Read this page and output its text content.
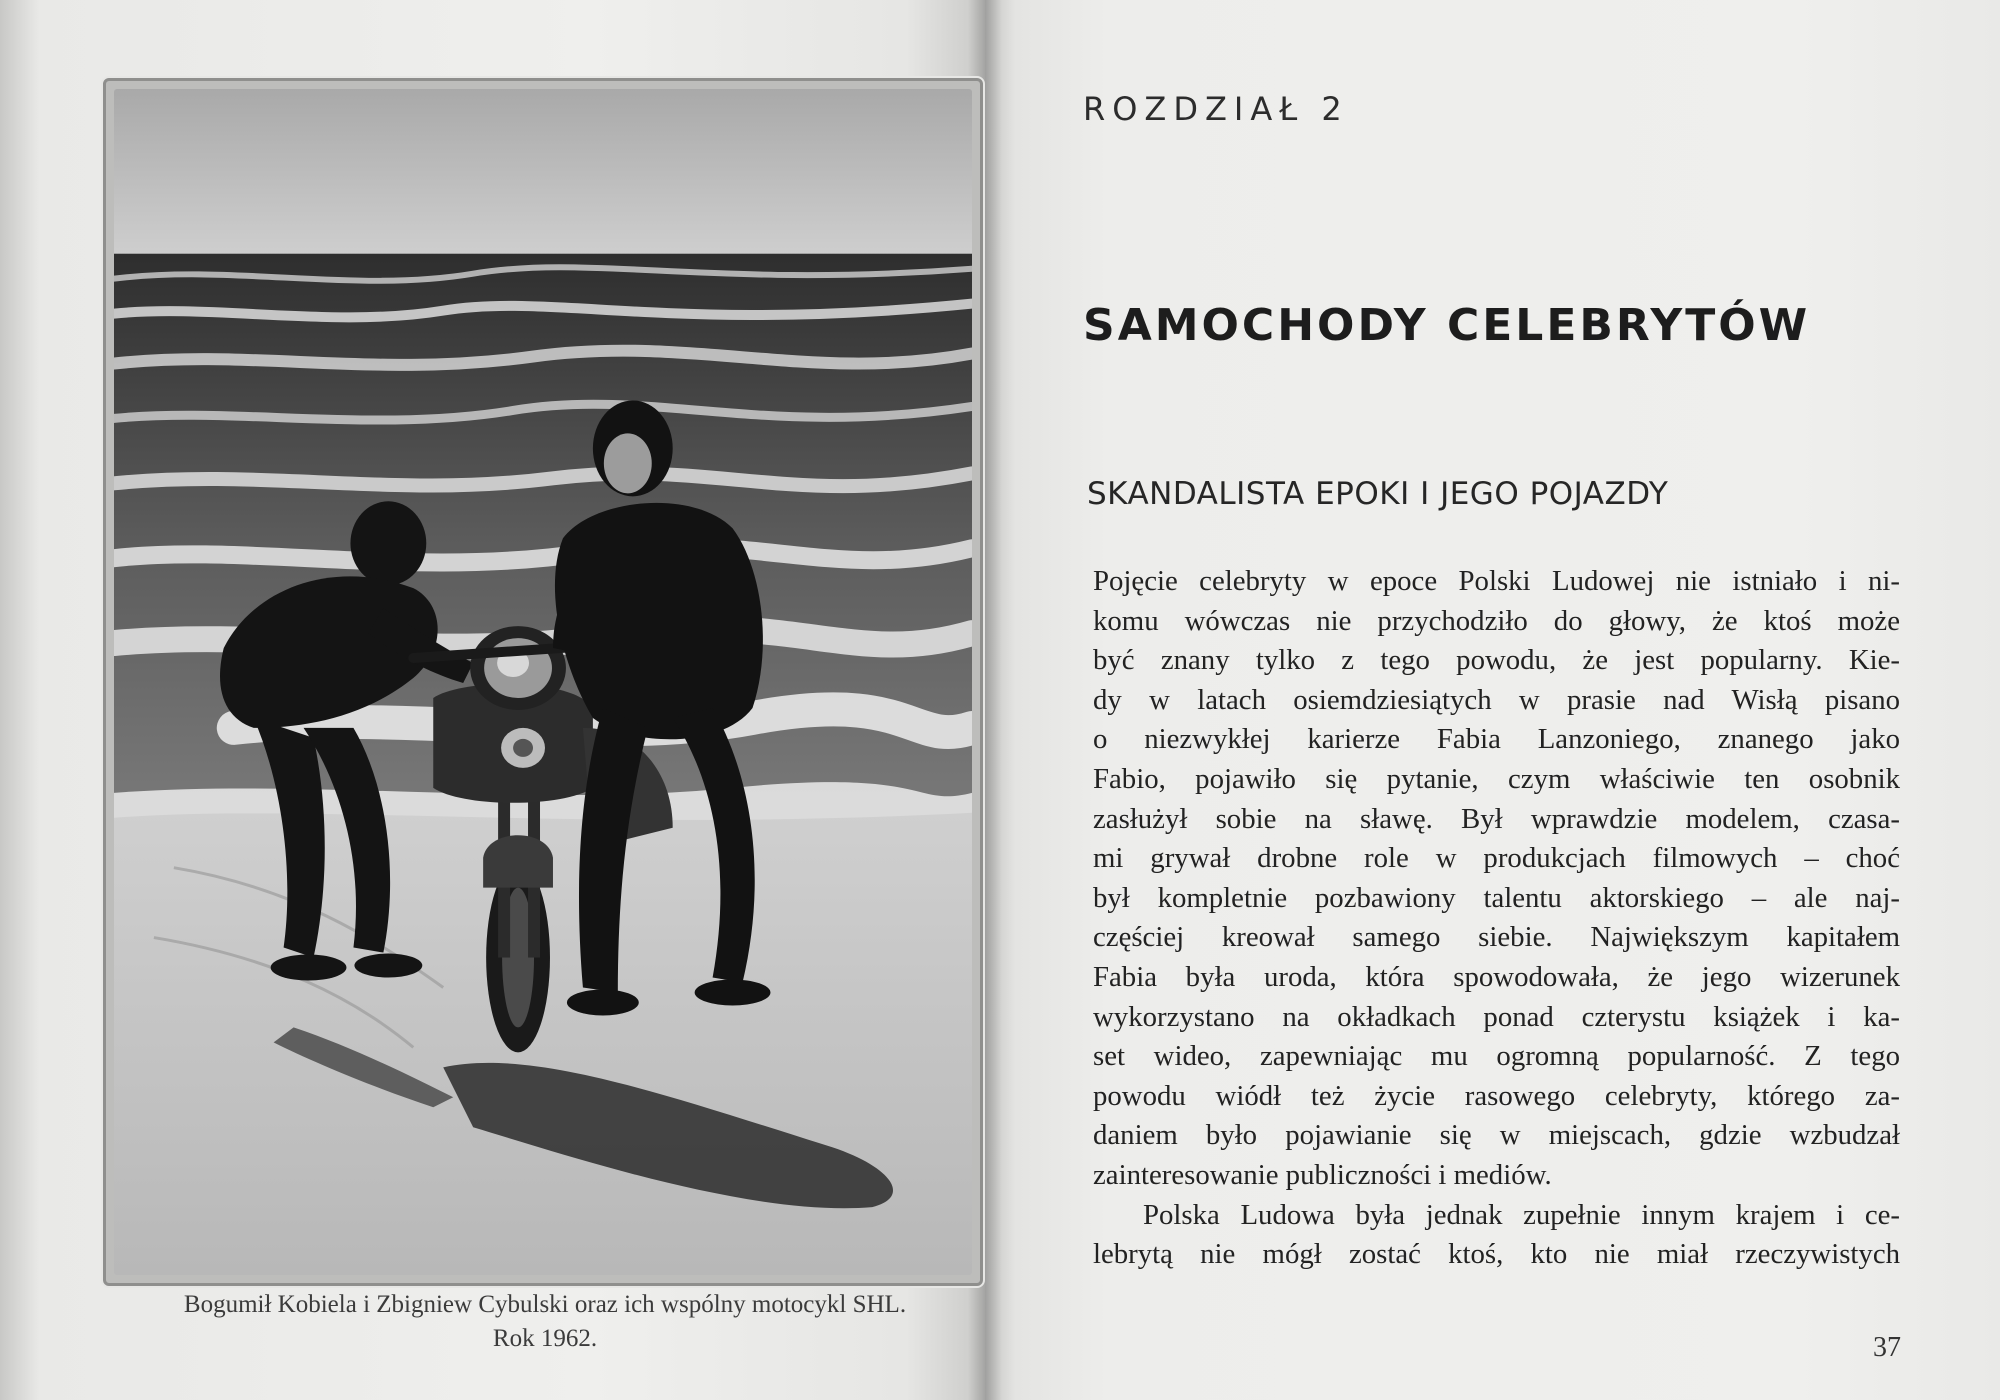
Bogumił Kobiela i Zbigniew Cybulski oraz ich wspólny motocykl SHL.
Rok 1962.
ROZDZIAŁ 2
SAMOCHODY CELEBRYTÓW
SKANDALISTA EPOKI I JEGO POJAZDY
Pojęcie celebryty w epoce Polski Ludowej nie istniało i ni-
komu wówczas nie przychodziło do głowy, że ktoś może
być znany tylko z tego powodu, że jest popularny. Kie-
dy w latach osiemdziesiątych w prasie nad Wisłą pisano
o niezwykłej karierze Fabia Lanzoniego, znanego jako
Fabio, pojawiło się pytanie, czym właściwie ten osobnik
zasłużył sobie na sławę. Był wprawdzie modelem, czasa-
mi grywał drobne role w produkcjach filmowych – choć
był kompletnie pozbawiony talentu aktorskiego – ale naj-
częściej kreował samego siebie. Największym kapitałem
Fabia była uroda, która spowodowała, że jego wizerunek
wykorzystano na okładkach ponad czterystu książek i ka-
set wideo, zapewniając mu ogromną popularność. Z tego
powodu wiódł też życie rasowego celebryty, którego za-
daniem było pojawianie się w miejscach, gdzie wzbudzał
zainteresowanie publiczności i mediów.
Polska Ludowa była jednak zupełnie innym krajem i ce-
lebrytą nie mógł zostać ktoś, kto nie miał rzeczywistych
37
